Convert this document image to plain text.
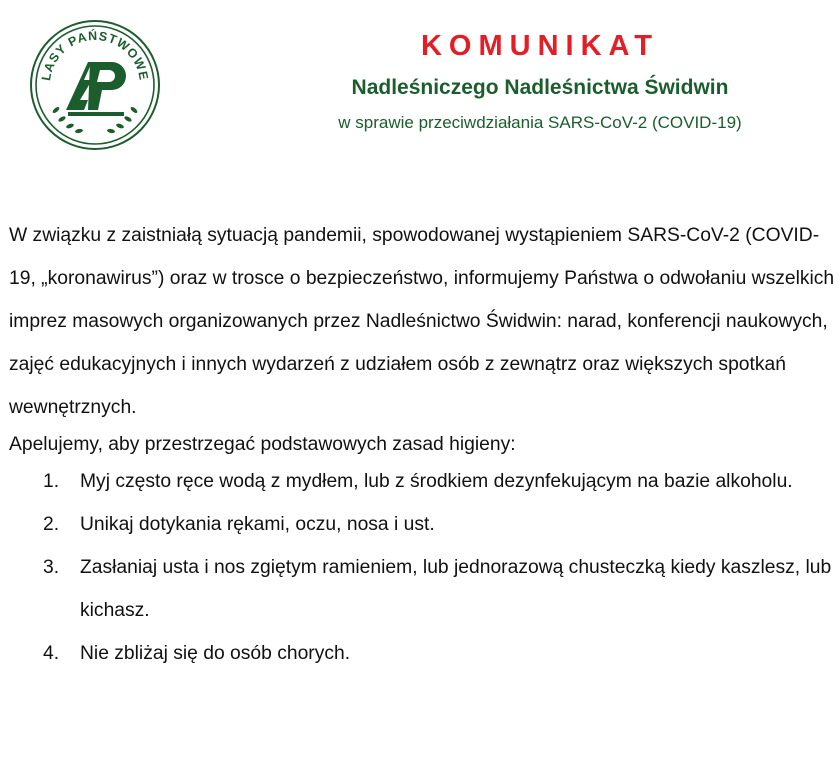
LASY PAŃSTWOWE
KOMUNIKAT
Nadleśniczego Nadleśnictwa Świdwin
w sprawie przeciwdziałania SARS-CoV-2 (COVID-19)

W związku z zaistniałą sytuacją pandemii, spowodowanej wystąpieniem SARS-CoV-2 (COVID-19, „koronawirus”) oraz w trosce o bezpieczeństwo, informujemy Państwa o odwołaniu wszelkich imprez masowych organizowanych przez Nadleśnictwo Świdwin: narad, konferencji naukowych, zajęć edukacyjnych i innych wydarzeń z udziałem osób z zewnątrz oraz większych spotkań wewnętrznych.

Apelujemy, aby przestrzegać podstawowych zasad higieny:

1. Myj często ręce wodą z mydłem, lub z środkiem dezynfekującym na bazie alkoholu.
2. Unikaj dotykania rękami, oczu, nosa i ust.
3. Zasłaniaj usta i nos zgiętym ramieniem, lub jednorazową chusteczką kiedy kaszlesz, lub kichasz.
4. Nie zbliżaj się do osób chorych.
